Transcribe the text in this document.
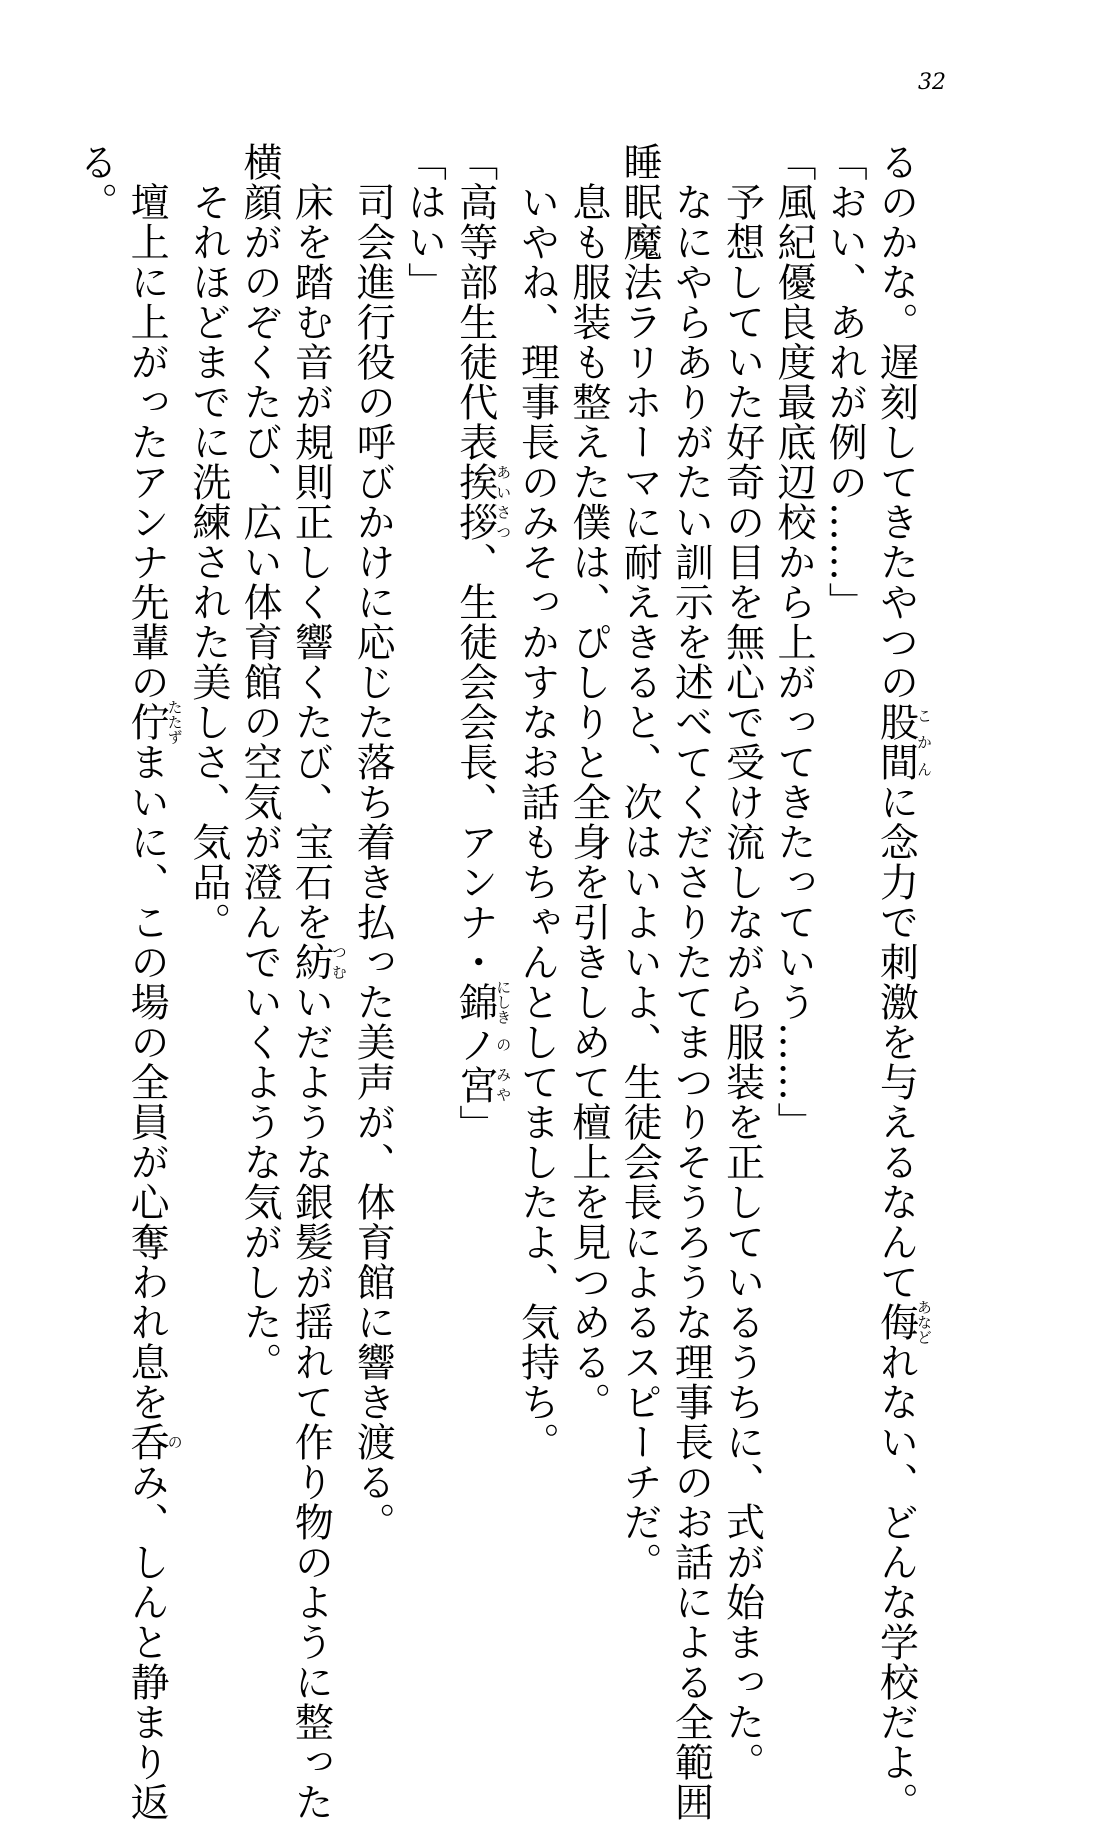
32
るのかな。遅刻してきたやつの股間こかんに念力で刺激を与えるなんて侮あなどれない、どんな学校だよ。
「おい、あれが例の……」
「風紀優良度最底辺校から上がってきたっていう……」
　予想していた好奇の目を無心で受け流しながら服装を正しているうちに、式が始まった。
　なにやらありがたい訓示を述べてくださりたてまつりそうろうな理事長のお話による全範囲
睡眠魔法ラリホーマに耐えきると、次はいよいよ、生徒会長によるスピーチだ。
　息も服装も整えた僕は、ぴしりと全身を引きしめて檀上を見つめる。
　いやね、理事長のみそっかすなお話もちゃんとしてましたよ、気持ち。
「高等部生徒代表挨拶あいさつ、生徒会会長、アンナ・錦にしきノの宮みや」
「はい」
　司会進行役の呼びかけに応じた落ち着き払った美声が、体育館に響き渡る。
　床を踏む音が規則正しく響くたび、宝石を紡つむいだような銀髪が揺れて作り物のように整った
横顔がのぞくたび、広い体育館の空気が澄んでいくような気がした。
　それほどまでに洗練された美しさ、気品。
　壇上に上がったアンナ先輩の佇たたずまいに、この場の全員が心奪われ息を呑のみ、しんと静まり返
る。
